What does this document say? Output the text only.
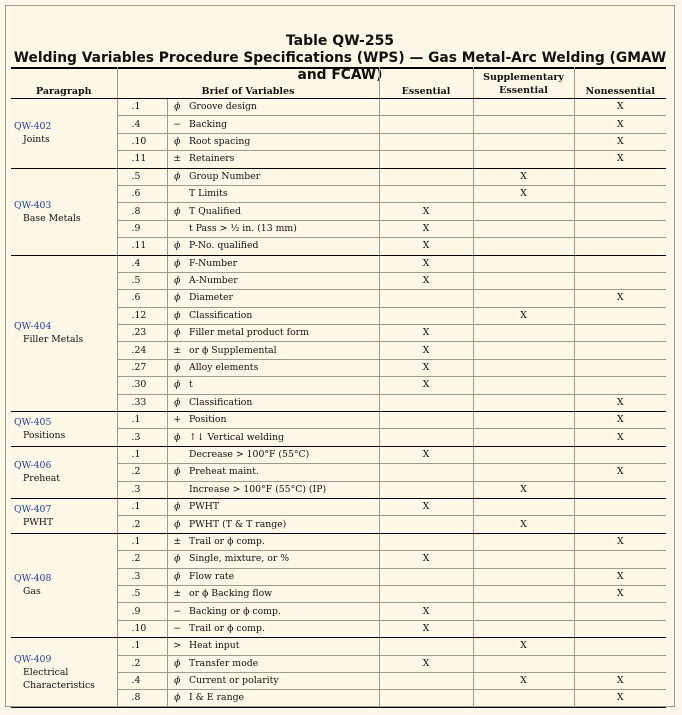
Table QW-255
Welding Variables Procedure Specifications (WPS) — Gas Metal-Arc Welding (GMAW and FCAW)
Paragraph	Brief of Variables			Essential	Supplementary
Essential	Nonessential

QW-402
Joints	.1	ϕ	Groove design			X
	.4	−	Backing			X
	.10	ϕ	Root spacing			X
	.11	±	Retainers			X

QW-403
Base Metals	.5	ϕ	Group Number		X	
	.6		T Limits		X	
	.8	ϕ	T Qualified	X		
	.9		t Pass > ½ in. (13 mm)	X		
	.11	ϕ	P-No. qualified	X		

QW-404
Filler Metals	.4	ϕ	F-Number	X		
	.5	ϕ	A-Number	X		
	.6	ϕ	Diameter			X
	.12	ϕ	Classification		X	
	.23	ϕ	Filler metal product form	X		
	.24	±	or ϕ Supplemental	X		
	.27	ϕ	Alloy elements	X		
	.30	ϕ	t	X		
	.33	ϕ	Classification			X

QW-405
Positions	.1	+	Position			X
	.3	ϕ	↑↓ Vertical welding			X

QW-406
Preheat	.1		Decrease > 100°F (55°C)	X		
	.2	ϕ	Preheat maint.			X
	.3		Increase > 100°F (55°C) (IP)		X	

QW-407
PWHT	.1	ϕ	PWHT	X		
	.2	ϕ	PWHT (T & T range)		X	

QW-408
Gas	.1	±	Trail or ϕ comp.			X
	.2	ϕ	Single, mixture, or %	X		
	.3	ϕ	Flow rate			X
	.5	±	or ϕ Backing flow			X
	.9	−	Backing or ϕ comp.	X		
	.10	−	Trail or ϕ comp.	X		

QW-409
Electrical Characteristics	.1	>	Heat input		X	
	.2	ϕ	Transfer mode	X		
	.4	ϕ	Current or polarity		X	X
	.8	ϕ	I & E range			X
